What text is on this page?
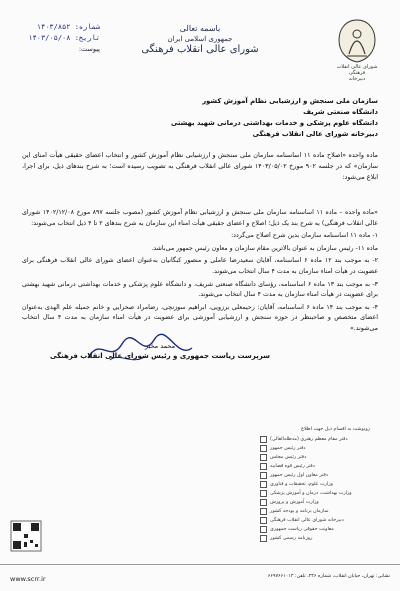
شماره: ۱۴۰۳/۸۵۲
تاریخ: ۱۴۰۳/۰۵/۰۸
پیوست:
باسمه تعالی
جمهوری اسلامی ایران
شورای عالی انقلاب فرهنگی
شورای عالی انقلاب فرهنگی
دبیرخانه
سازمان ملی سنجش و ارزشیابی نظام آموزش کشور
دانشگاه صنعتی شریف
دانشگاه علوم پزشکی و خدمات بهداشتی درمانی شهید بهشتی
دبیرخانه شورای عالی انقلاب فرهنگی
ماده واحده «اصلاح ماده ۱۱ اساسنامه سازمان ملی سنجش و ارزشیابی نظام آموزش کشور و انتخاب اعضای حقیقی هیأت امنای این سازمان» که در جلسه ۹۰۲ مورخ ۱۴۰۳/۰۵/۰۲ شورای عالی انقلاب فرهنگی به تصویب رسیده است؛ به شرح بندهای ذیل، برای اجرا، ابلاغ می‌شود:

«ماده واحده – ماده ۱۱ اساسنامه سازمان ملی سنجش و ارزشیابی نظام آموزش کشور (مصوب جلسه ۸۹۷ مورخ ۱۴۰۲/۱۲/۰۸ شورای عالی انقلاب فرهنگی) به شرح بند یک ذیل؛ اصلاح و اعضای حقیقی هیأت امناء این سازمان به شرح بندهای ۲ تا ۴ ذیل انتخاب می‌شوند:

۱- ماده ۱۱ اساسنامه سازمان بدین شرح اصلاح می‌گردد:

ماده ۱۱- رئیس سازمان به عنوان بالاترین مقام سازمان و معاون رئیس جمهور می‌باشد.

۲- به موجب بند ۱۲ ماده ۶ اساسنامه، آقایان سعیدرضا عاملی و منصور کبگانیان به‌عنوان اعضای شورای عالی انقلاب فرهنگی برای عضویت در هیأت امناء سازمان به مدت ۴ سال انتخاب می‌شوند.

۳- به موجب بند ۱۳ ماده ۶ اساسنامه، رؤسای دانشگاه صنعتی شریف، و دانشگاه علوم پزشکی و خدمات بهداشتی درمانی شهید بهشتی برای عضویت در هیأت امناء سازمان به مدت ۴ سال انتخاب می‌شوند.

۴- به موجب بند ۱۴ ماده ۶ اساسنامه، آقایان: رحیمعلی برزویی، ابراهیم سوزنچی، رضامراد صحرایی و خانم جمیله علم الهدی به‌عنوان اعضای متخصص و صاحبنظر در حوزه سنجش و ارزشیابی آموزشی برای عضویت در هیأت امناء سازمان به مدت ۴ سال انتخاب می‌شوند.»

محمد مخبر
سرپرست ریاست جمهوری و رئیس شورای عالی انقلاب فرهنگی
رونوشت به اقسام ذیل جهت اطلاع
دفتر مقام معظم رهبری (مدظله‌العالی)
دفتر رئیس جمهور
دفتر رئیس مجلس
دفتر رئیس قوه قضاییه
دفتر معاون اول رئیس جمهور
وزارت علوم، تحقیقات و فناوری
وزارت بهداشت، درمان و آموزش پزشکی
وزارت آموزش و پرورش
سازمان برنامه و بودجه کشور
دبیرخانه شورای عالی انقلاب فرهنگی
معاونت حقوقی ریاست جمهوری
روزنامه رسمی کشور
www.scrr.ir	نشانی: تهران، خیابان انقلاب، شماره ۴۳۶، تلفن: ۶۶۹۷۶۶۱۰۱۳
